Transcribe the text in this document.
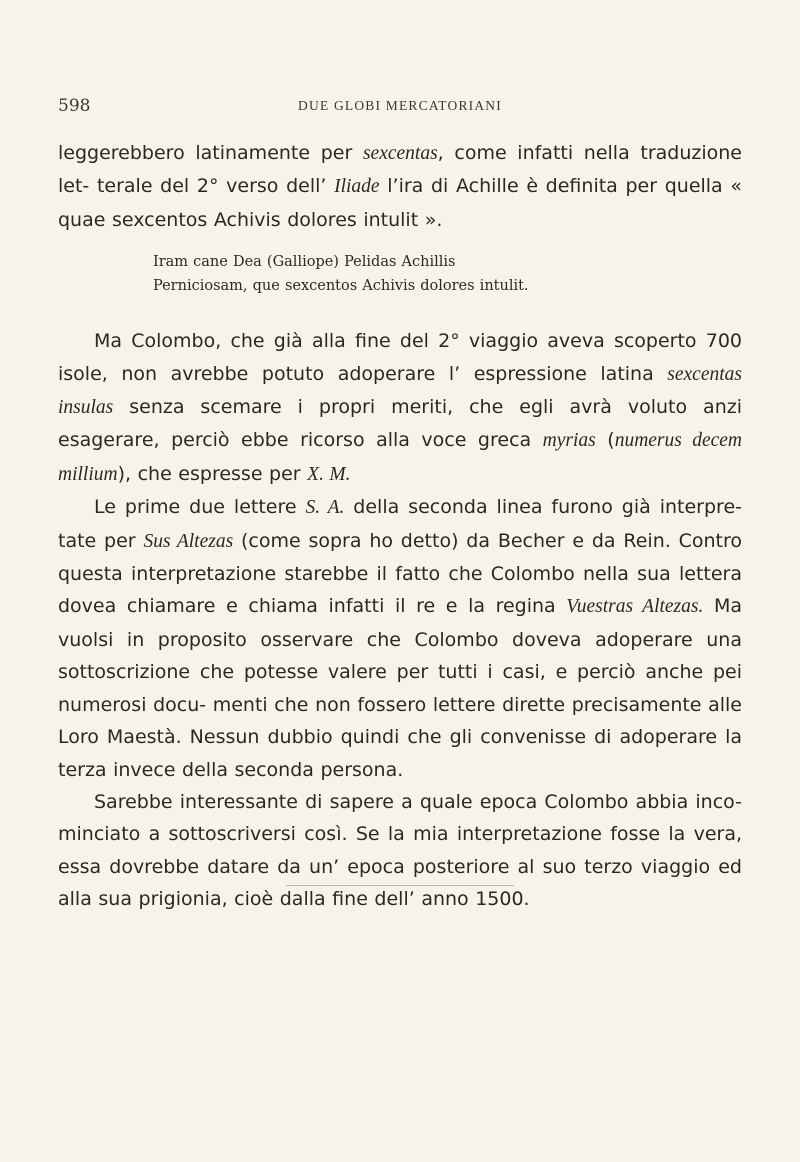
598	DUE GLOBI MERCATORIANI

leggerebbero latinamente per sexcentas, come infatti nella traduzione let- terale del 2° verso dell’ Iliade l’ira di Achille è definita per quella « quae sexcentos Achivis dolores intulit ».

Iram cane Dea (Galliope) Pelidas Achillis
Perniciosam, que sexcentos Achivis dolores intulit.

Ma Colombo, che già alla fine del 2° viaggio aveva scoperto 700 isole, non avrebbe potuto adoperare l’ espressione latina sexcentas insulas senza scemare i propri meriti, che egli avrà voluto anzi esagerare, perciò ebbe ricorso alla voce greca myrias (numerus decem millium), che espresse per X. M.

Le prime due lettere S. A. della seconda linea furono già interpre- tate per Sus Altezas (come sopra ho detto) da Becher e da Rein. Contro questa interpretazione starebbe il fatto che Colombo nella sua lettera dovea chiamare e chiama infatti il re e la regina Vuestras Altezas. Ma vuolsi in proposito osservare che Colombo doveva adoperare una sottoscrizione che potesse valere per tutti i casi, e perciò anche pei numerosi docu- menti che non fossero lettere dirette precisamente alle Loro Maestà. Nessun dubbio quindi che gli convenisse di adoperare la terza invece della seconda persona.

Sarebbe interessante di sapere a quale epoca Colombo abbia inco- minciato a sottoscriversi così. Se la mia interpretazione fosse la vera, essa dovrebbe datare da un’ epoca posteriore al suo terzo viaggio ed alla sua prigionia, cioè dalla fine dell’ anno 1500.
